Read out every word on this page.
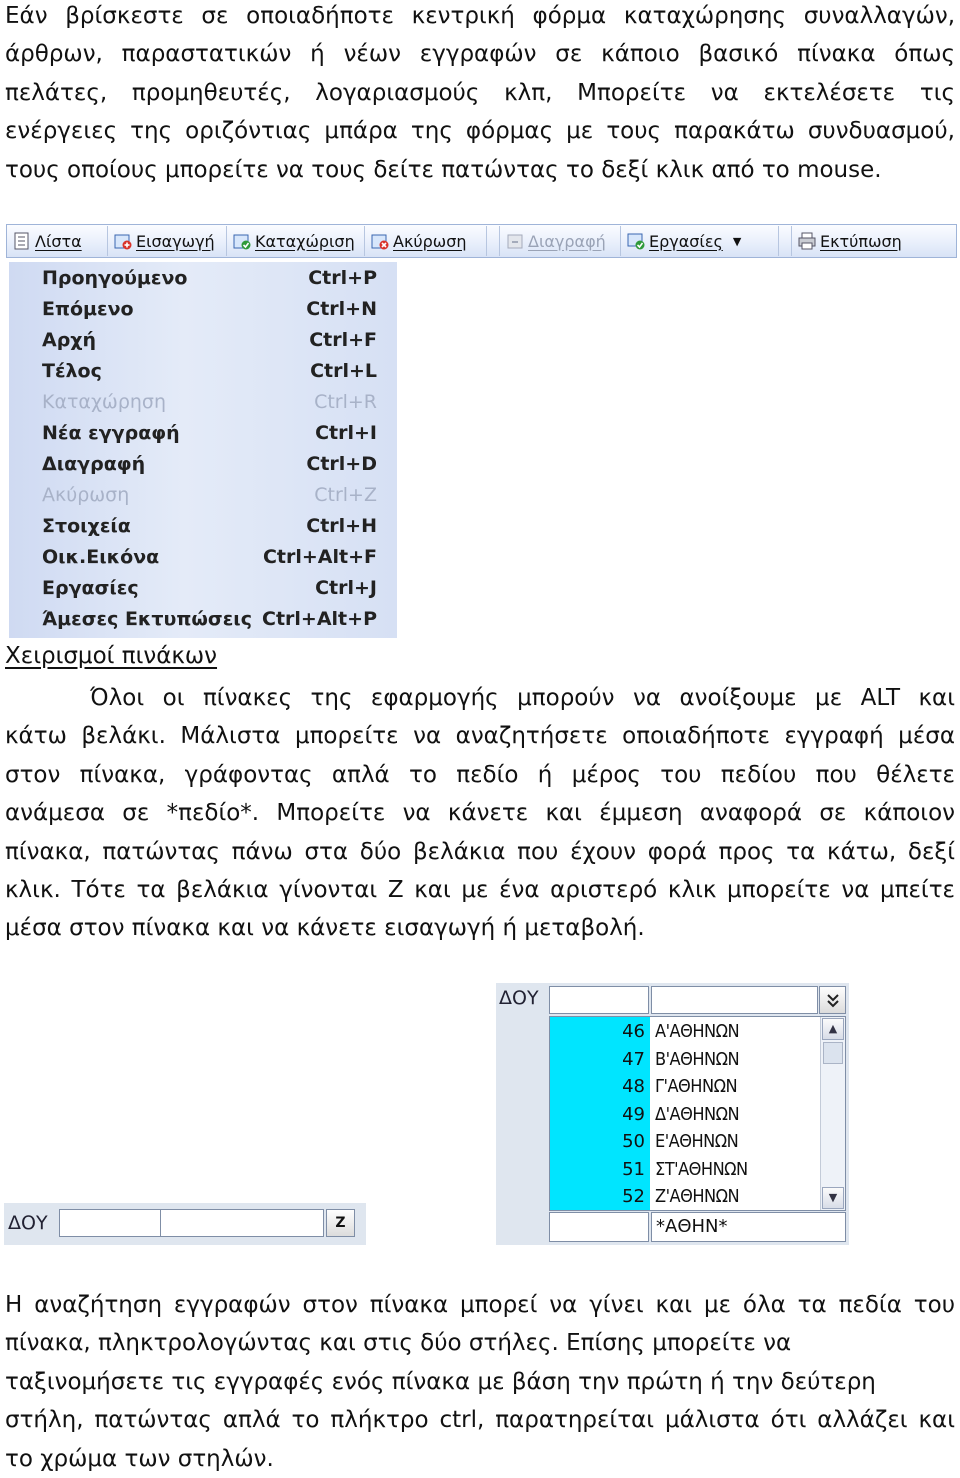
Εάν βρίσκεστε σε οποιαδήποτε κεντρική φόρμα καταχώρησης συναλλαγών,
άρθρων, παραστατικών ή νέων εγγραφών σε κάποιο βασικό πίνακα όπως
πελάτες, προμηθευτές, λογαριασμούς κλπ, Μπορείτε να εκτελέσετε τις
ενέργειες της οριζόντιας μπάρα της φόρμας με τους παρακάτω συνδυασμού,
τους οποίους μπορείτε να τους δείτε πατώντας το δεξί κλικ από το mouse.
Λίστα	Εισαγωγή	Καταχώριση Ακύρωση	Διαγραφή	Εργασίες ▼	Εκτύπωση
Προηγούμενο	Ctrl+P
Επόμενο	Ctrl+N
Αρχή	Ctrl+F
Τέλος	Ctrl+L
Καταχώρηση	Ctrl+R
Νέα εγγραφή	Ctrl+I
Διαγραφή	Ctrl+D
Ακύρωση	Ctrl+Z
Στοιχεία	Ctrl+H
Οικ.Εικόνα	Ctrl+Alt+F
Εργασίες	Ctrl+J
Άμεσες Εκτυπώσεις Ctrl+Alt+P
Χειρισμοί πινάκων
Όλοι οι πίνακες της εφαρμογής μπορούν να ανοίξουμε με ALT και
κάτω βελάκι. Μάλιστα μπορείτε να αναζητήσετε οποιαδήποτε εγγραφή μέσα
στον πίνακα, γράφοντας απλά το πεδίο ή μέρος του πεδίου που θέλετε
ανάμεσα σε *πεδίο*. Μπορείτε να κάνετε και έμμεση αναφορά σε κάποιον
πίνακα, πατώντας πάνω στα δύο βελάκια που έχουν φορά προς τα κάτω, δεξί
κλικ. Τότε τα βελάκια γίνονται Z και με ένα αριστερό κλικ μπορείτε να μπείτε
μέσα στον πίνακα και να κάνετε εισαγωγή ή μεταβολή.
ΔΟΥ
46 Α'ΑΘΗΝΩΝ
47 Β'ΑΘΗΝΩΝ
48 Γ'ΑΘΗΝΩΝ
49 Δ'ΑΘΗΝΩΝ
50 Ε'ΑΘΗΝΩΝ
51 ΣΤ'ΑΘΗΝΩΝ
52 Ζ'ΑΘΗΝΩΝ
▲
▼
*ΑΘΗΝ*
ΔΟΥ	Z
Η αναζήτηση εγγραφών στον πίνακα μπορεί να γίνει και με όλα τα πεδία του
πίνακα, πληκτρολογώντας και στις δύο στήλες. Επίσης μπορείτε να
ταξινομήσετε τις εγγραφές ενός πίνακα με βάση την πρώτη ή την δεύτερη
στήλη, πατώντας απλά το πλήκτρο ctrl, παρατηρείται μάλιστα ότι αλλάζει και
το χρώμα των στηλών.
